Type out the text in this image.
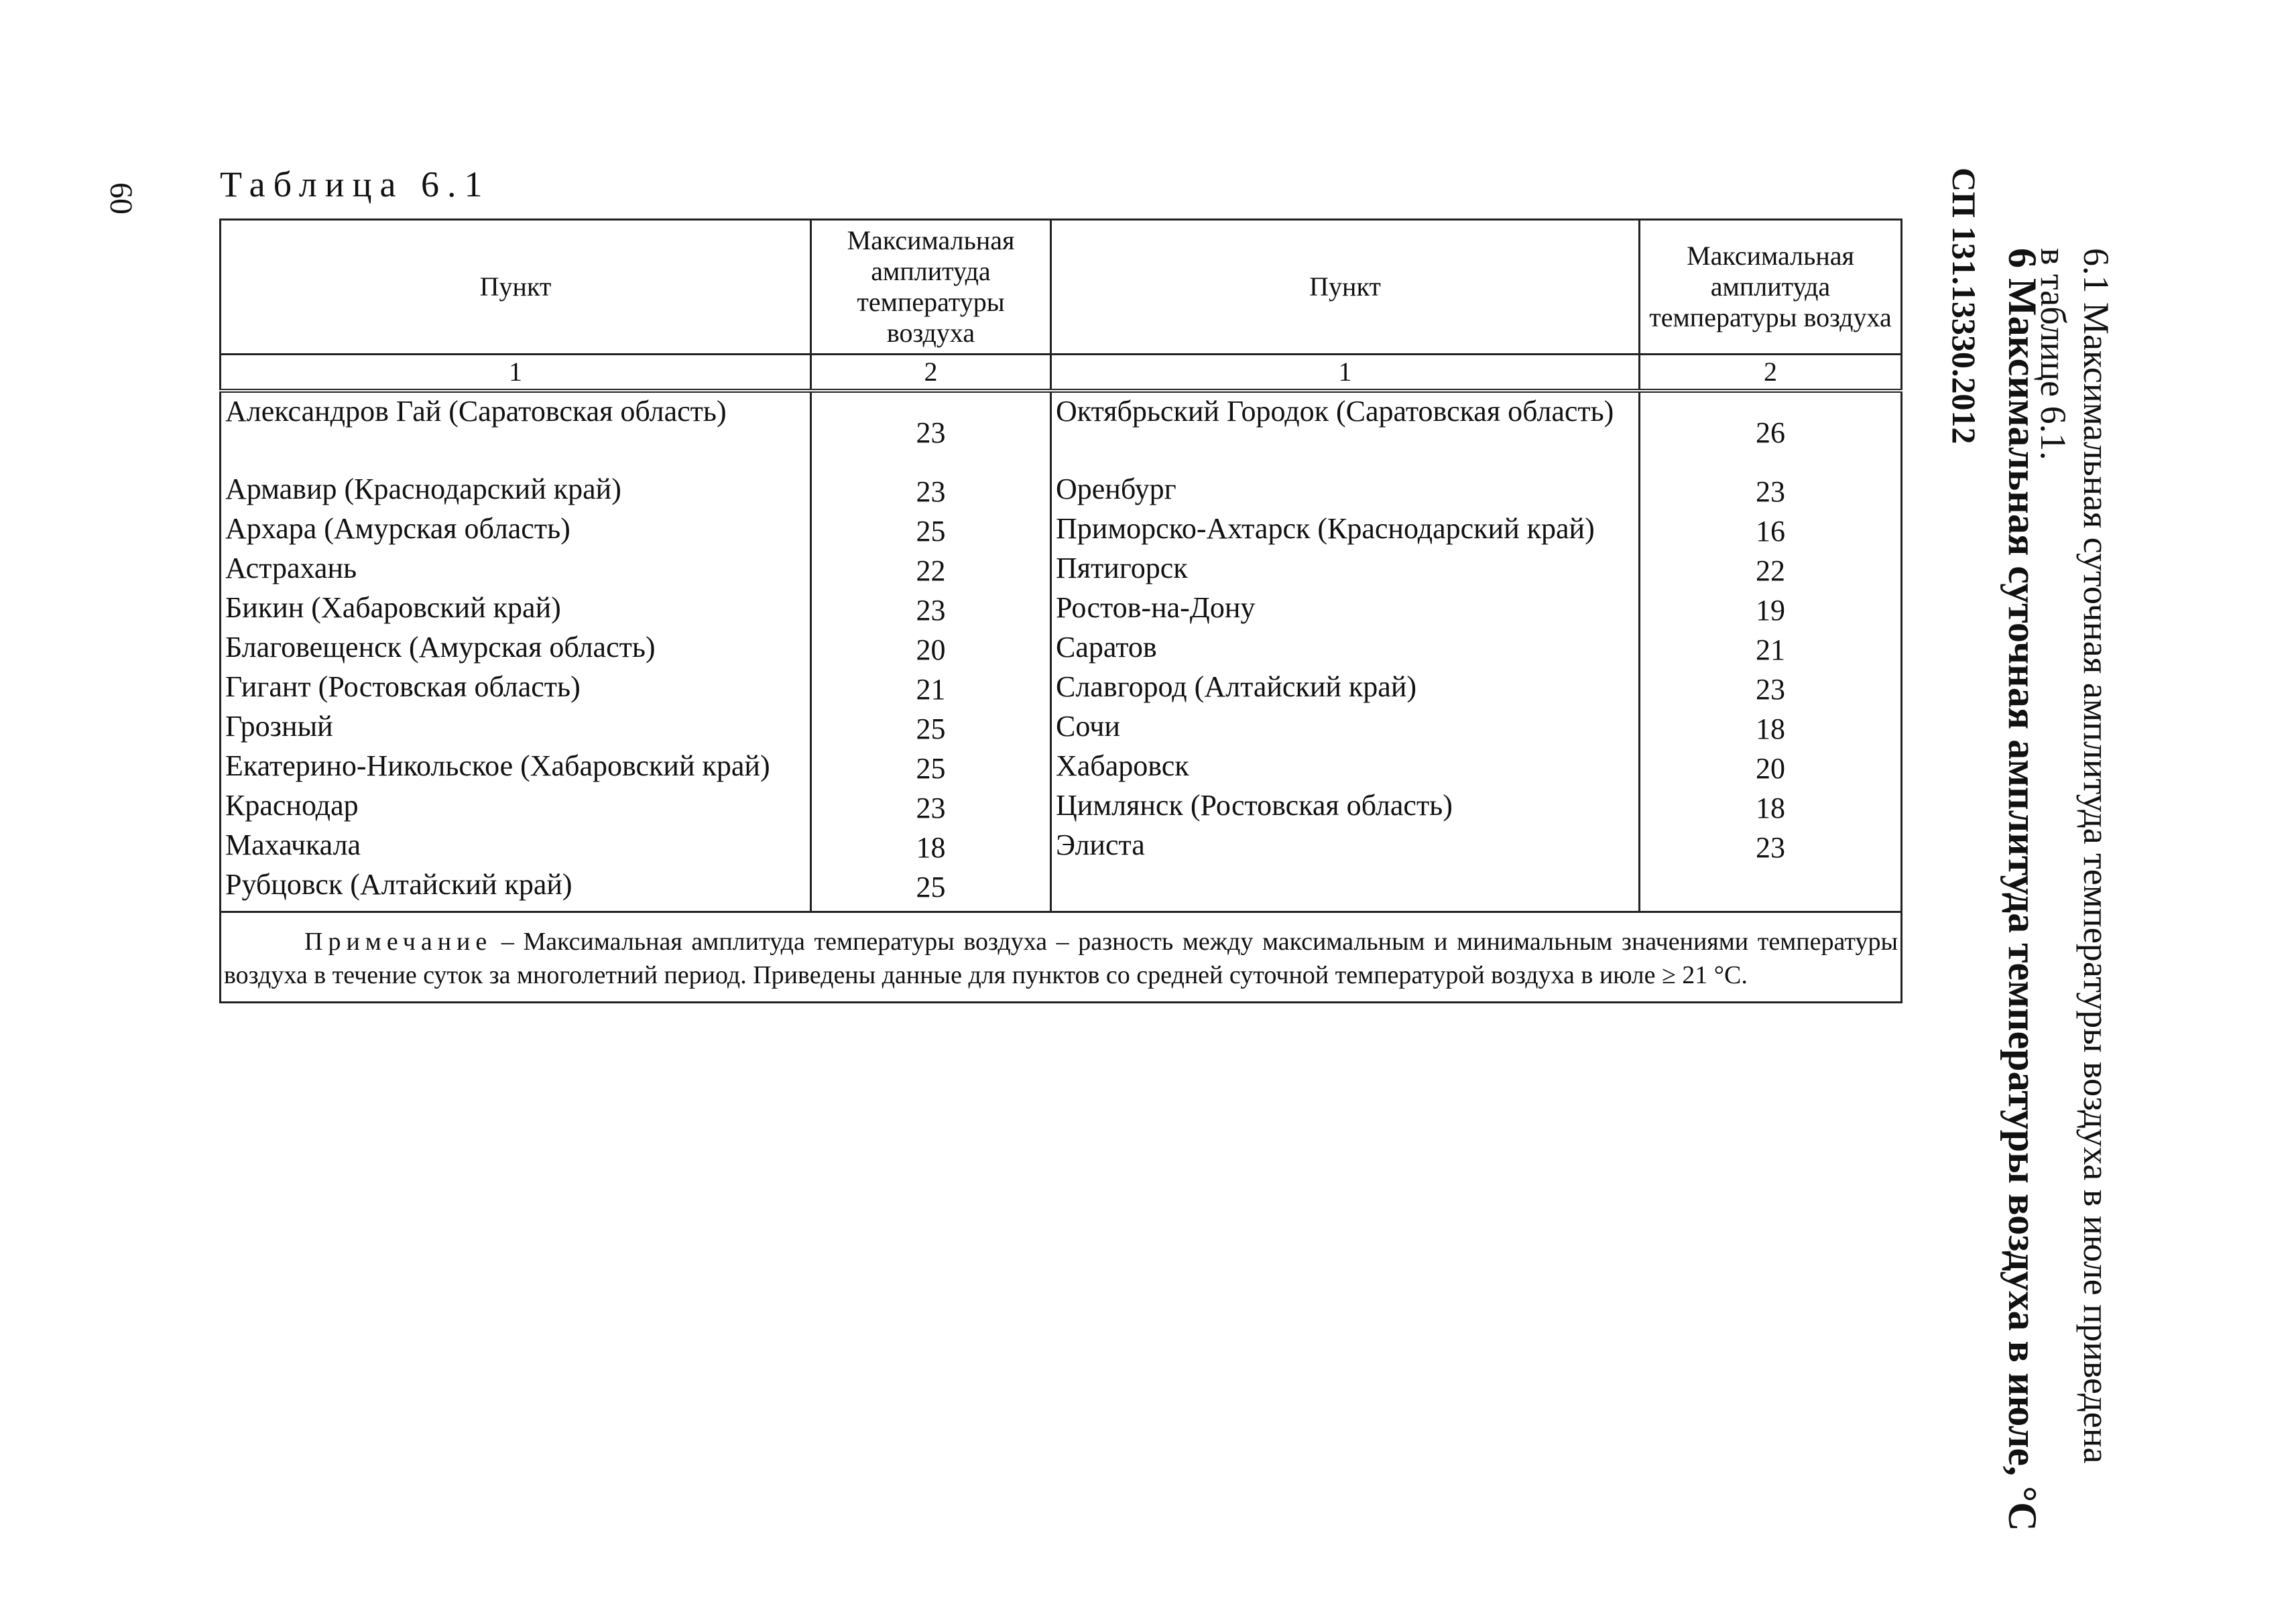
60 Таблица 6.1
Пункт	Максимальная амплитуда температуры воздуха	Пункт	Максимальная амплитуда температуры воздуха
1	2	1	2
Александров Гай (Саратовская область)	23	Октябрьский Городок (Саратовская область)	26
Армавир (Краснодарский край)	23	Оренбург	23
Архара (Амурская область)	25	Приморско-Ахтарск (Краснодарский край)	16
Астрахань	22	Пятигорск	22
Бикин (Хабаровский край)	23	Ростов-на-Дону	19
Благовещенск (Амурская область)	20	Саратов	21
Гигант (Ростовская область)	21	Славгород (Алтайский край)	23
Грозный	25	Сочи	18
Екатерино-Никольское (Хабаровский край)	25	Хабаровск	20
Краснодар	23	Цимлянск (Ростовская область)	18
Махачкала	18	Элиста	23
Рубцовск (Алтайский край)	25		
Примечание – Максимальная амплитуда температуры воздуха – разность между максимальным и минимальным значениями температуры воздуха в течение суток за многолетний период. Приведены данные для пунктов со средней суточной температурой воздуха в июле ≥ 21 °С.			
СП 131.13330.2012 6 Максимальная суточная амплитуда температуры воздуха в июле, °С 6.1 Максимальная суточная амплитуда температуры воздуха в июле приведена в таблице 6.1.
